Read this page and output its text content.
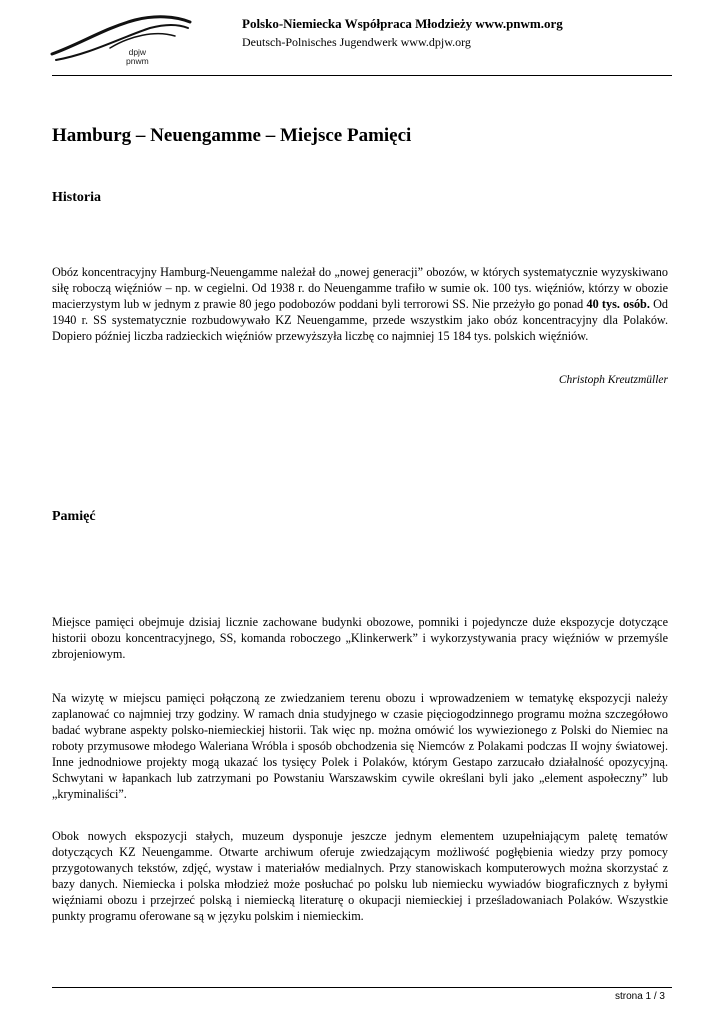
dpjw
pnwm
Polsko-Niemiecka Współpraca Młodzieży www.pnwm.org
Deutsch-Polnisches Jugendwerk www.dpjw.org
Hamburg – Neuengamme – Miejsce Pamięci
Historia

Obóz koncentracyjny Hamburg-Neuengamme należał do „nowej generacji” obozów, w których systematycznie wyzyskiwano siłę roboczą więźniów – np. w cegielni. Od 1938 r. do Neuengamme trafiło w sumie ok. 100 tys. więźniów, którzy w obozie macierzystym lub w jednym z prawie 80 jego podobozów poddani byli terrorowi SS. Nie przeżyło go ponad 40 tys. osób. Od 1940 r. SS systematycznie rozbudowywało KZ Neuengamme, przede wszystkim jako obóz koncentracyjny dla Polaków. Dopiero później liczba radzieckich więźniów przewyższyła liczbę co najmniej 15 184 tys. polskich więźniów.

Christoph Kreutzmüller
Pamięć

Miejsce pamięci obejmuje dzisiaj licznie zachowane budynki obozowe, pomniki i pojedyncze duże ekspozycje dotyczące historii obozu koncentracyjnego, SS, komanda roboczego „Klinkerwerk” i wykorzystywania pracy więźniów w przemyśle zbrojeniowym.

Na wizytę w miejscu pamięci połączoną ze zwiedzaniem terenu obozu i wprowadzeniem w tematykę ekspozycji należy zaplanować co najmniej trzy godziny. W ramach dnia studyjnego w czasie pięciogodzinnego programu można szczegółowo badać wybrane aspekty polsko-niemieckiej historii. Tak więc np. można omówić los wywiezionego z Polski do Niemiec na roboty przymusowe młodego Waleriana Wróbla i sposób obchodzenia się Niemców z Polakami podczas II wojny światowej. Inne jednodniowe projekty mogą ukazać los tysięcy Polek i Polaków, którym Gestapo zarzucało działalność opozycyjną. Schwytani w łapankach lub zatrzymani po Powstaniu Warszawskim cywile określani byli jako „element aspołeczny” lub „kryminaliści”.

Obok nowych ekspozycji stałych, muzeum dysponuje jeszcze jednym elementem uzupełniającym paletę tematów dotyczących KZ Neuengamme. Otwarte archiwum oferuje zwiedzającym możliwość pogłębienia wiedzy przy pomocy przygotowanych tekstów, zdjęć, wystaw i materiałów medialnych. Przy stanowiskach komputerowych można skorzystać z bazy danych. Niemiecka i polska młodzież może posłuchać po polsku lub niemiecku wywiadów biograficznych z byłymi więźniami obozu i przejrzeć polską i niemiecką literaturę o okupacji niemieckiej i prześladowaniach Polaków. Wszystkie punkty programu oferowane są w języku polskim i niemieckim.

strona 1 / 3
